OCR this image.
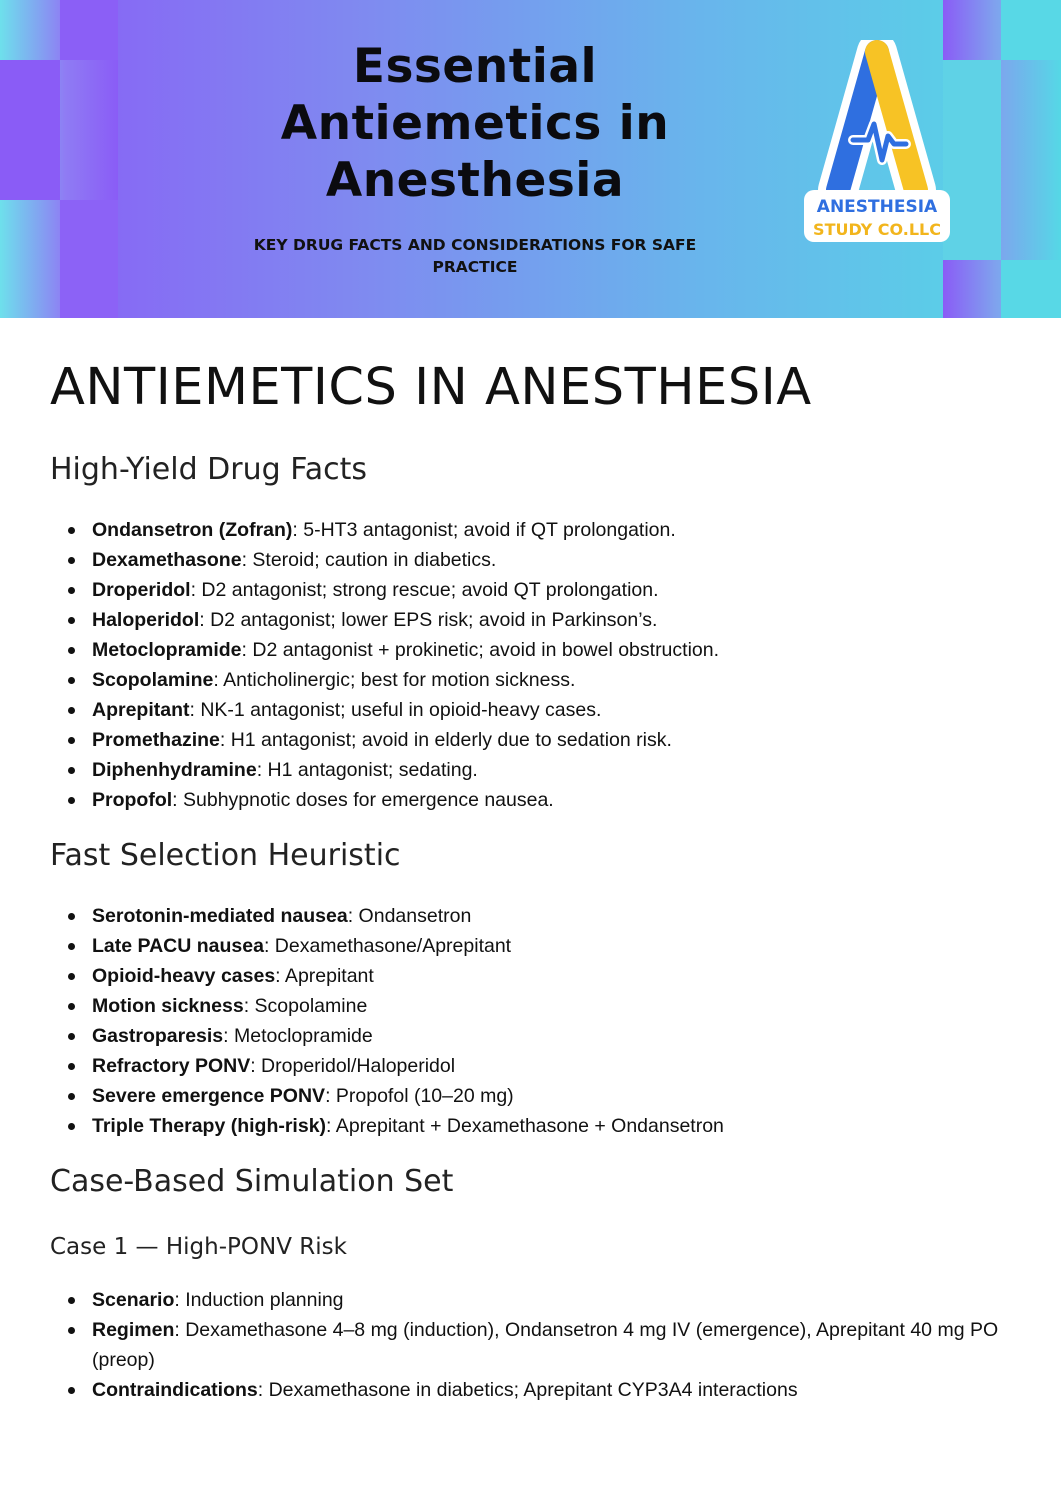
Essential
Antiemetics in
Anesthesia
KEY DRUG FACTS AND CONSIDERATIONS FOR SAFE PRACTICE
ANESTHESIA
STUDY CO.LLC
ANTIEMETICS IN ANESTHESIA
High-Yield Drug Facts
Ondansetron (Zofran): 5-HT3 antagonist; avoid if QT prolongation.
Dexamethasone: Steroid; caution in diabetics.
Droperidol: D2 antagonist; strong rescue; avoid QT prolongation.
Haloperidol: D2 antagonist; lower EPS risk; avoid in Parkinson’s.
Metoclopramide: D2 antagonist + prokinetic; avoid in bowel obstruction.
Scopolamine: Anticholinergic; best for motion sickness.
Aprepitant: NK-1 antagonist; useful in opioid-heavy cases.
Promethazine: H1 antagonist; avoid in elderly due to sedation risk.
Diphenhydramine: H1 antagonist; sedating.
Propofol: Subhypnotic doses for emergence nausea.
Fast Selection Heuristic
Serotonin-mediated nausea: Ondansetron
Late PACU nausea: Dexamethasone/Aprepitant
Opioid-heavy cases: Aprepitant
Motion sickness: Scopolamine
Gastroparesis: Metoclopramide
Refractory PONV: Droperidol/Haloperidol
Severe emergence PONV: Propofol (10–20 mg)
Triple Therapy (high-risk): Aprepitant + Dexamethasone + Ondansetron
Case-Based Simulation Set
Case 1 — High-PONV Risk
Scenario: Induction planning
Regimen: Dexamethasone 4–8 mg (induction), Ondansetron 4 mg IV (emergence), Aprepitant 40 mg PO (preop)
Contraindications: Dexamethasone in diabetics; Aprepitant CYP3A4 interactions
